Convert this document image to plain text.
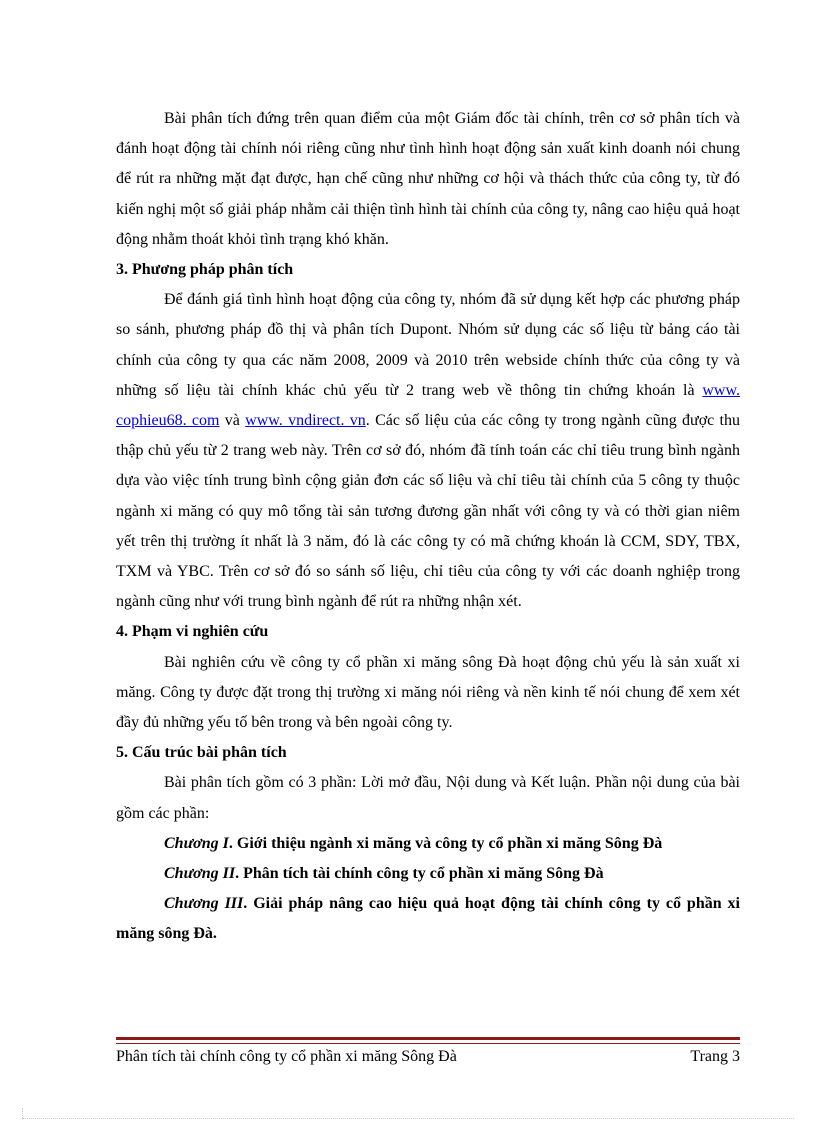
Bài phân tích đứng trên quan điểm của một Giám đốc tài chính, trên cơ sở phân tích và đánh hoạt động tài chính nói riêng cũng như tình hình hoạt động sản xuất kinh doanh nói chung để rút ra những mặt đạt được, hạn chế cũng như những cơ hội và thách thức của công ty, từ đó kiến nghị một số giải pháp nhằm cải thiện tình hình tài chính của công ty, nâng cao hiệu quả hoạt động nhằm thoát khỏi tình trạng khó khăn.

3. Phương pháp phân tích

Để đánh giá tình hình hoạt động của công ty, nhóm đã sử dụng kết hợp các phương pháp so sánh, phương pháp đồ thị và phân tích Dupont. Nhóm sử dụng các số liệu từ bảng cáo tài chính của công ty qua các năm 2008, 2009 và 2010 trên webside chính thức của công ty và những số liệu tài chính khác chủ yếu từ 2 trang web về thông tin chứng khoán là www. cophieu68. com và www. vndirect. vn. Các số liệu của các công ty trong ngành cũng được thu thập chủ yếu từ 2 trang web này. Trên cơ sở đó, nhóm đã tính toán các chỉ tiêu trung bình ngành dựa vào việc tính trung bình cộng giản đơn các số liệu và chỉ tiêu tài chính của 5 công ty thuộc ngành xi măng có quy mô tổng tài sản tương đương gần nhất với công ty và có thời gian niêm yết trên thị trường ít nhất là 3 năm, đó là các công ty có mã chứng khoán là CCM, SDY, TBX, TXM và YBC. Trên cơ sở đó so sánh số liệu, chỉ tiêu của công ty với các doanh nghiệp trong ngành cũng như với trung bình ngành để rút ra những nhận xét.

4. Phạm vi nghiên cứu

Bài nghiên cứu về công ty cổ phần xi măng sông Đà hoạt động chủ yếu là sản xuất xi măng. Công ty được đặt trong thị trường xi măng nói riêng và nền kinh tế nói chung để xem xét đầy đủ những yếu tố bên trong và bên ngoài công ty.

5. Cấu trúc bài phân tích

Bài phân tích gồm có 3 phần: Lời mở đầu, Nội dung và Kết luận. Phần nội dung của bài gồm các phần:

Chương I. Giới thiệu ngành xi măng và công ty cổ phần xi măng Sông Đà

Chương II. Phân tích tài chính công ty cổ phần xi măng Sông Đà

Chương III. Giải pháp nâng cao hiệu quả hoạt động tài chính công ty cổ phần xi măng sông Đà.

Phân tích tài chính công ty cổ phần xi măng Sông Đà	Trang 3
